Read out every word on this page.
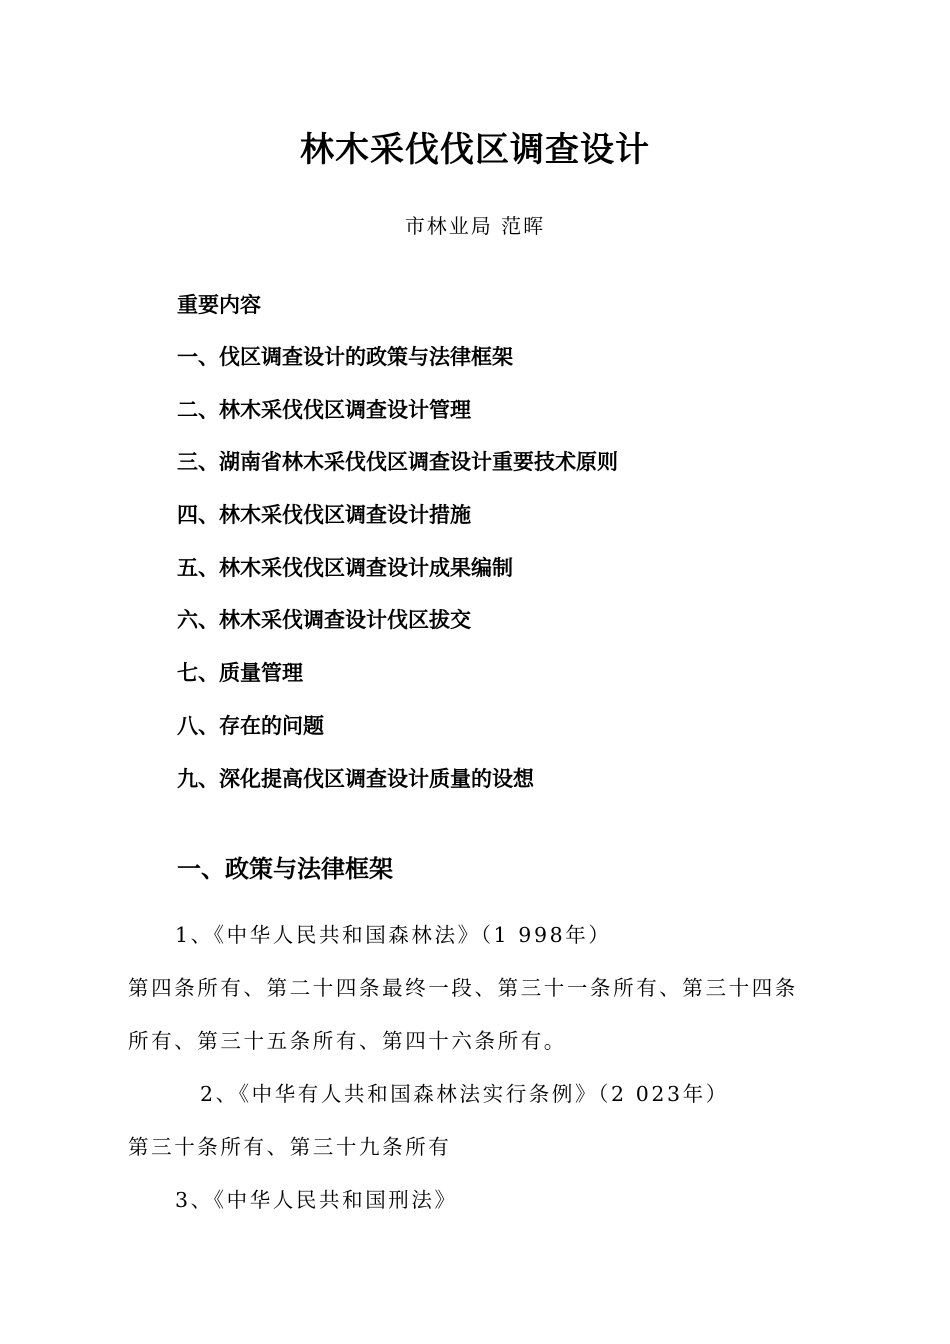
林木采伐伐区调查设计
市林业局 范晖
重要内容
一、伐区调查设计的政策与法律框架
二、林木采伐伐区调查设计管理
三、湖南省林木采伐伐区调查设计重要技术原则
四、林木采伐伐区调查设计措施
五、林木采伐伐区调查设计成果编制
六、林木采伐调查设计伐区拔交
七、质量管理
八、存在的问题
九、深化提高伐区调查设计质量的设想
一、政策与法律框架
1、《中华人民共和国森林法》（1 998年）
第四条所有、第二十四条最终一段、第三十一条所有、第三十四条
所有、第三十五条所有、第四十六条所有。
2、《中华有人共和国森林法实行条例》（2 023年）
第三十条所有、第三十九条所有
3、《中华人民共和国刑法》
